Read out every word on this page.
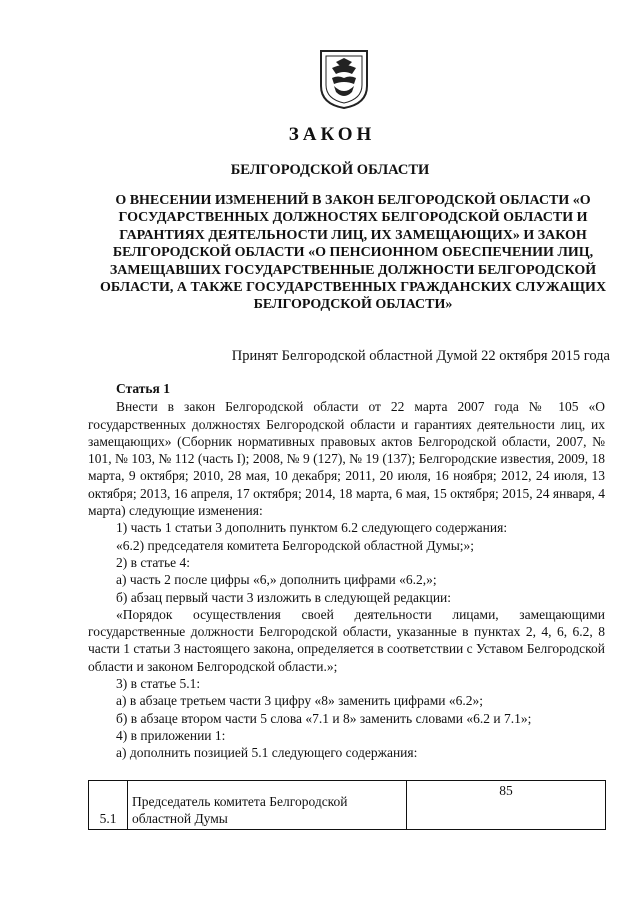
ЗАКОН
БЕЛГОРОДСКОЙ ОБЛАСТИ
О ВНЕСЕНИИ ИЗМЕНЕНИЙ В ЗАКОН БЕЛГОРОДСКОЙ ОБЛАСТИ «О ГОСУДАРСТВЕННЫХ ДОЛЖНОСТЯХ БЕЛГОРОДСКОЙ ОБЛАСТИ И ГАРАНТИЯХ ДЕЯТЕЛЬНОСТИ ЛИЦ, ИХ ЗАМЕЩАЮЩИХ» И ЗАКОН БЕЛГОРОДСКОЙ ОБЛАСТИ «О ПЕНСИОННОМ ОБЕСПЕЧЕНИИ ЛИЦ, ЗАМЕЩАВШИХ ГОСУДАРСТВЕННЫЕ ДОЛЖНОСТИ БЕЛГОРОДСКОЙ ОБЛАСТИ, А ТАКЖЕ ГОСУДАРСТВЕННЫХ ГРАЖДАНСКИХ СЛУЖАЩИХ БЕЛГОРОДСКОЙ ОБЛАСТИ»
Принят Белгородской областной Думой 22 октября 2015 года

Статья 1

Внести в закон Белгородской области от 22 марта 2007 года № 105 «О государственных должностях Белгородской области и гарантиях деятельности лиц, их замещающих» (Сборник нормативных правовых актов Белгородской области, 2007, № 101, № 103, № 112 (часть I); 2008, № 9 (127), № 19 (137); Белгородские известия, 2009, 18 марта, 9 октября; 2010, 28 мая, 10 декабря; 2011, 20 июля, 16 ноября; 2012, 24 июля, 13 октября; 2013, 16 апреля, 17 октября; 2014, 18 марта, 6 мая, 15 октября; 2015, 24 января, 4 марта) следующие изменения:

1) часть 1 статьи 3 дополнить пунктом 6.2 следующего содержания:

«6.2) председателя комитета Белгородской областной Думы;»;

2) в статье 4:

а) часть 2 после цифры «6,» дополнить цифрами «6.2,»;

б) абзац первый части 3 изложить в следующей редакции:

«Порядок осуществления своей деятельности лицами, замещающими государственные должности Белгородской области, указанные в пунктах 2, 4, 6, 6.2, 8 части 1 статьи 3 настоящего закона, определяется в соответствии с Уставом Белгородской области и законом Белгородской области.»;

3) в статье 5.1:

а) в абзаце третьем части 3 цифру «8» заменить цифрами «6.2»;

б) в абзаце втором части 5 слова «7.1 и 8» заменить словами «6.2 и 7.1»;

4) в приложении 1:

а) дополнить позицией 5.1 следующего содержания:

5.1	Председатель комитета Белгородской областной Думы	85
